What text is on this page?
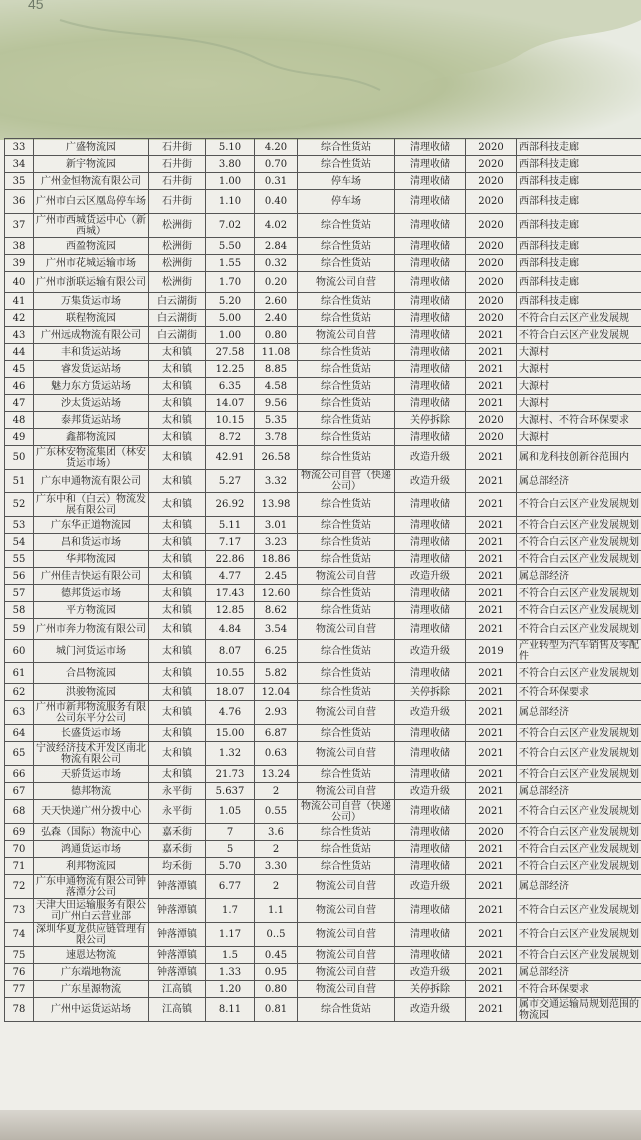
45
33	广盛物流园	石井街	5.10	4.20	综合性货站	清理收储	2020	西部科技走廊
34	新宇物流园	石井街	3.80	0.70	综合性货站	清理收储	2020	西部科技走廊
35	广州金恒物流有限公司	石井街	1.00	0.31	停车场	清理收储	2020	西部科技走廊
36	广州市白云区凰岛停车场	石井街	1.10	0.40	停车场	清理收储	2020	西部科技走廊
37	广州市西城货运中心（新西城）	松洲街	7.02	4.02	综合性货站	清理收储	2020	西部科技走廊
38	西盈物流园	松洲街	5.50	2.84	综合性货站	清理收储	2020	西部科技走廊
39	广州市花城运输市场	松洲街	1.55	0.32	综合性货站	清理收储	2020	西部科技走廊
40	广州市浙联运输有限公司	松洲街	1.70	0.20	物流公司自营	清理收储	2020	西部科技走廊
41	万集货运市场	白云湖街	5.20	2.60	综合性货站	清理收储	2020	西部科技走廊
42	联程物流园	白云湖街	5.00	2.40	综合性货站	清理收储	2020	不符合白云区产业发展规
43	广州远成物流有限公司	白云湖街	1.00	0.80	物流公司自营	清理收储	2021	不符合白云区产业发展规
44	丰和货运站场	太和镇	27.58	11.08	综合性货站	清理收储	2021	大源村
45	睿发货运站场	太和镇	12.25	8.85	综合性货站	清理收储	2021	大源村
46	魅力东方货运站场	太和镇	6.35	4.58	综合性货站	清理收储	2021	大源村
47	沙太货运站场	太和镇	14.07	9.56	综合性货站	清理收储	2021	大源村
48	泰邦货运站场	太和镇	10.15	5.35	综合性货站	关停拆除	2020	大源村、不符合环保要求
49	鑫都物流园	太和镇	8.72	3.78	综合性货站	清理收储	2020	大源村
50	广东林安物流集团（林安货运市场）	太和镇	42.91	26.58	综合性货站	改造升级	2021	属和龙科技创新谷范围内
51	广东申通物流有限公司	太和镇	5.27	3.32	物流公司自营（快递公司）	改造升级	2021	属总部经济
52	广东中和（白云）物流发展有限公司	太和镇	26.92	13.98	综合性货站	清理收储	2021	不符合白云区产业发展规划
53	广东华正道物流园	太和镇	5.11	3.01	综合性货站	清理收储	2021	不符合白云区产业发展规划
54	昌和货运市场	太和镇	7.17	3.23	综合性货站	清理收储	2021	不符合白云区产业发展规划
55	华邦物流园	太和镇	22.86	18.86	综合性货站	清理收储	2021	不符合白云区产业发展规划
56	广州佳吉快运有限公司	太和镇	4.77	2.45	物流公司自营	改造升级	2021	属总部经济
57	德邦货运市场	太和镇	17.43	12.60	综合性货站	清理收储	2021	不符合白云区产业发展规划
58	平方物流园	太和镇	12.85	8.62	综合性货站	清理收储	2021	不符合白云区产业发展规划
59	广州市奔力物流有限公司	太和镇	4.84	3.54	物流公司自营	清理收储	2021	不符合白云区产业发展规划
60	城门河货运市场	太和镇	8.07	6.25	综合性货站	改造升级	2019	产业转型为汽车销售及零配件
61	合昌物流园	太和镇	10.55	5.82	综合性货站	清理收储	2021	不符合白云区产业发展规划
62	洪骏物流园	太和镇	18.07	12.04	综合性货站	关停拆除	2021	不符合环保要求
63	广州市新邦物流服务有限公司东平分公司	太和镇	4.76	2.93	物流公司自营	改造升级	2021	属总部经济
64	长盛货运市场	太和镇	15.00	6.87	综合性货站	清理收储	2021	不符合白云区产业发展规划
65	宁波经济技术开发区南北物流有限公司	太和镇	1.32	0.63	物流公司自营	清理收储	2021	不符合白云区产业发展规划
66	天骄货运市场	太和镇	21.73	13.24	综合性货站	清理收储	2021	不符合白云区产业发展规划
67	德邦物流	永平街	5.637	2	物流公司自营	改造升级	2021	属总部经济
68	天天快递广州分拨中心	永平街	1.05	0.55	物流公司自营（快递公司）	清理收储	2021	不符合白云区产业发展规划
69	弘森（国际）物流中心	嘉禾街	7	3.6	综合性货站	清理收储	2020	不符合白云区产业发展规划
70	鸿通货运市场	嘉禾街	5	2	综合性货站	清理收储	2021	不符合白云区产业发展规划
71	利邦物流园	均禾街	5.70	3.30	综合性货站	清理收储	2021	不符合白云区产业发展规划
72	广东申通物流有限公司钟落潭分公司	钟落潭镇	6.77	2	物流公司自营	改造升级	2021	属总部经济
73	天津大田运输服务有限公司广州白云营业部	钟落潭镇	1.7	1.1	物流公司自营	清理收储	2021	不符合白云区产业发展规划
74	深圳华夏龙供应链管理有限公司	钟落潭镇	1.17	0..5	物流公司自营	清理收储	2021	不符合白云区产业发展规划
75	速恩达物流	钟落潭镇	1.5	0.45	物流公司自营	清理收储	2021	不符合白云区产业发展规划
76	广东端地物流	钟落潭镇	1.33	0.95	物流公司自营	改造升级	2021	属总部经济
77	广东星源物流	江高镇	1.20	0.80	物流公司自营	关停拆除	2021	不符合环保要求
78	广州中运货运站场	江高镇	8.11	0.81	综合性货站	改造升级	2021	属市交通运输局规划范围的物流园
